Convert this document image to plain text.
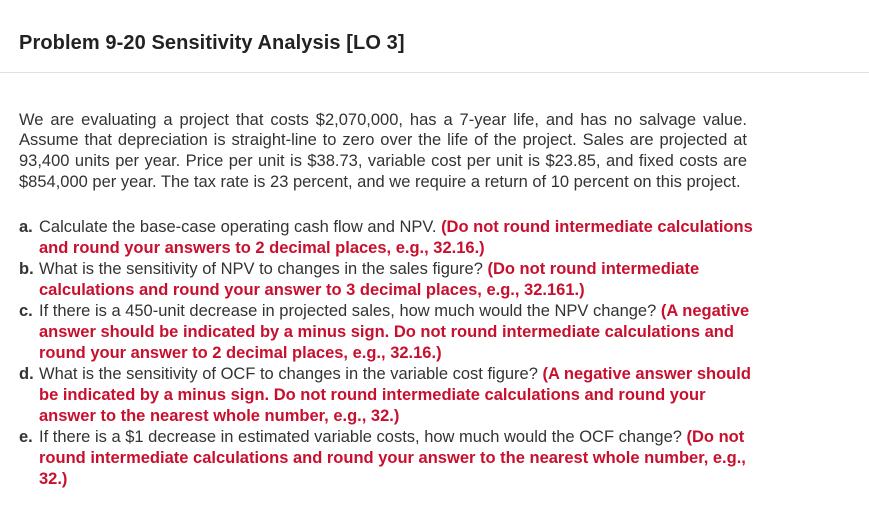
Problem 9-20 Sensitivity Analysis [LO 3]

We are evaluating a project that costs $2,070,000, has a 7-year life, and has no salvage value. Assume that depreciation is straight-line to zero over the life of the project. Sales are projected at 93,400 units per year. Price per unit is $38.73, variable cost per unit is $23.85, and fixed costs are $854,000 per year. The tax rate is 23 percent, and we require a return of 10 percent on this project.

a. Calculate the base-case operating cash flow and NPV. (Do not round intermediate calculations and round your answers to 2 decimal places, e.g., 32.16.)
b. What is the sensitivity of NPV to changes in the sales figure? (Do not round intermediate calculations and round your answer to 3 decimal places, e.g., 32.161.)
c. If there is a 450-unit decrease in projected sales, how much would the NPV change? (A negative answer should be indicated by a minus sign. Do not round intermediate calculations and round your answer to 2 decimal places, e.g., 32.16.)
d. What is the sensitivity of OCF to changes in the variable cost figure? (A negative answer should be indicated by a minus sign. Do not round intermediate calculations and round your answer to the nearest whole number, e.g., 32.)
e. If there is a $1 decrease in estimated variable costs, how much would the OCF change? (Do not round intermediate calculations and round your answer to the nearest whole number, e.g., 32.)
